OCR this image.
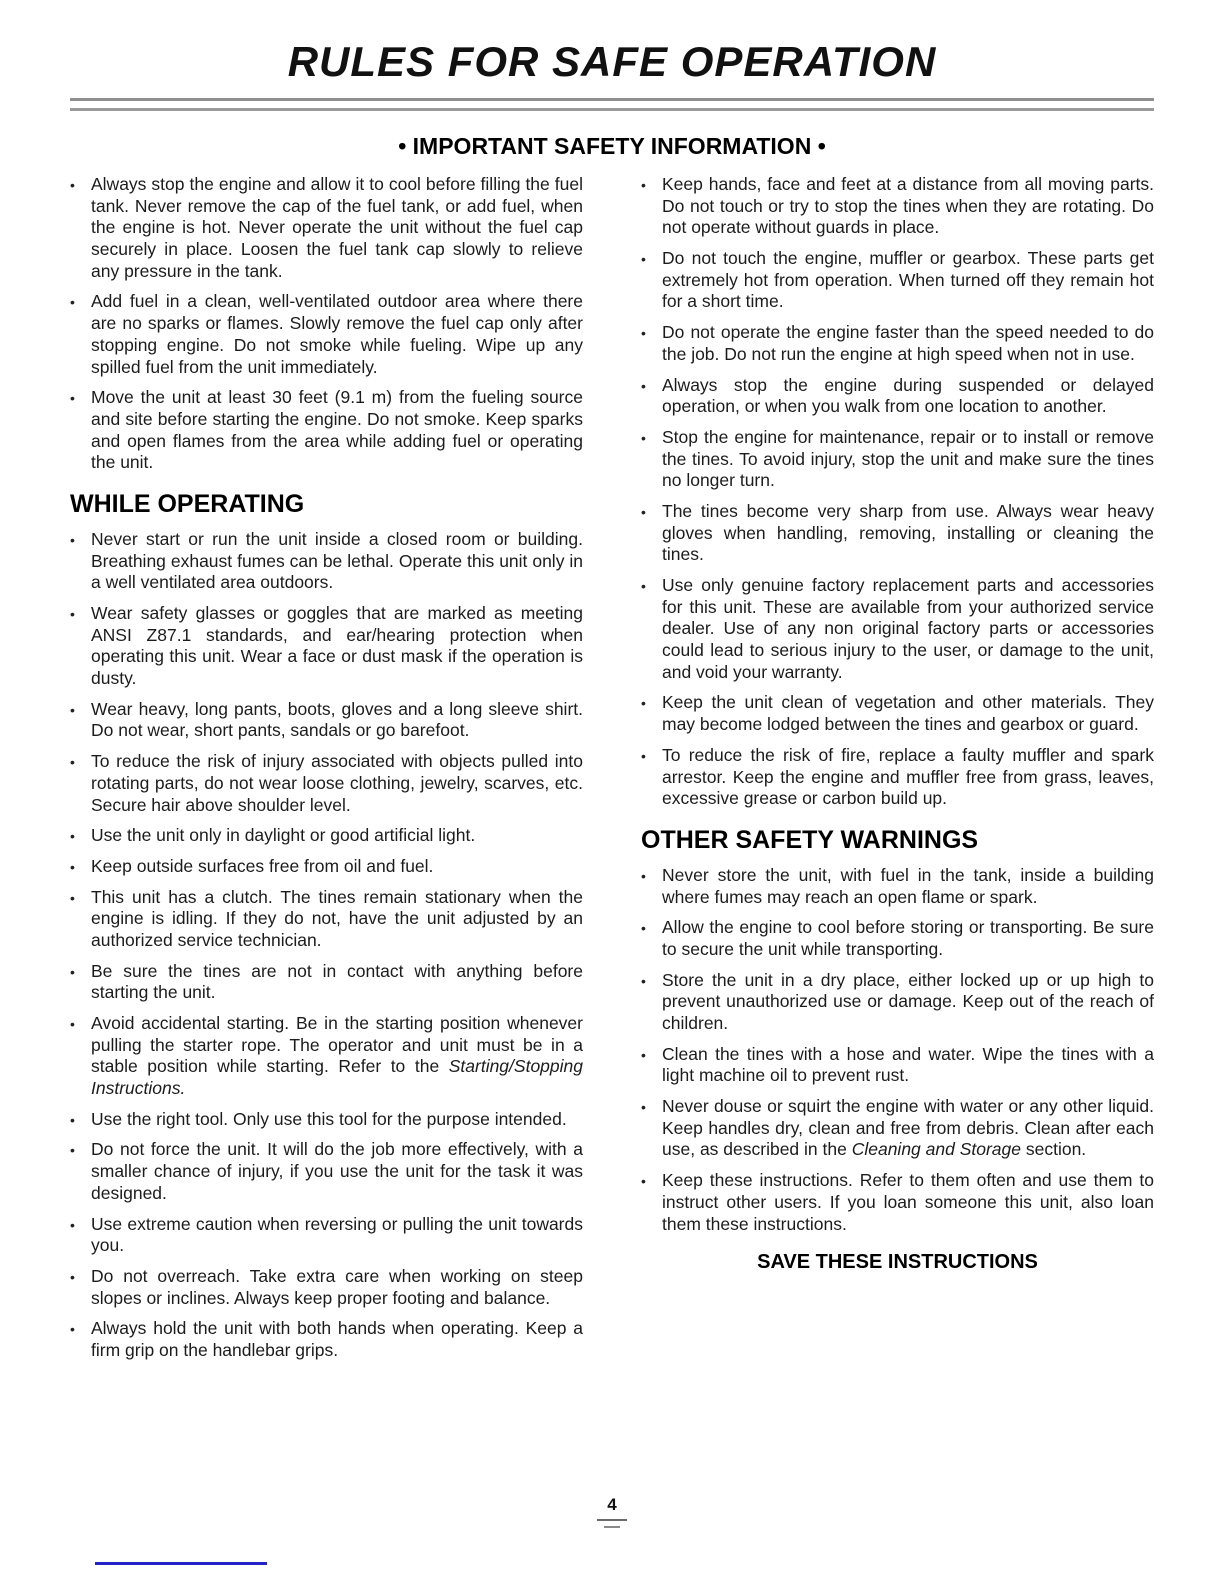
RULES FOR SAFE OPERATION
• IMPORTANT SAFETY INFORMATION •
• Always stop the engine and allow it to cool before filling the fuel tank. Never remove the cap of the fuel tank, or add fuel, when the engine is hot. Never operate the unit without the fuel cap securely in place. Loosen the fuel tank cap slowly to relieve any pressure in the tank.
• Add fuel in a clean, well-ventilated outdoor area where there are no sparks or flames. Slowly remove the fuel cap only after stopping engine. Do not smoke while fueling. Wipe up any spilled fuel from the unit immediately.
• Move the unit at least 30 feet (9.1 m) from the fueling source and site before starting the engine. Do not smoke. Keep sparks and open flames from the area while adding fuel or operating the unit.
WHILE OPERATING
• Never start or run the unit inside a closed room or building. Breathing exhaust fumes can be lethal. Operate this unit only in a well ventilated area outdoors.
• Wear safety glasses or goggles that are marked as meeting ANSI Z87.1 standards, and ear/hearing protection when operating this unit. Wear a face or dust mask if the operation is dusty.
• Wear heavy, long pants, boots, gloves and a long sleeve shirt. Do not wear, short pants, sandals or go barefoot.
• To reduce the risk of injury associated with objects pulled into rotating parts, do not wear loose clothing, jewelry, scarves, etc. Secure hair above shoulder level.
• Use the unit only in daylight or good artificial light.
• Keep outside surfaces free from oil and fuel.
• This unit has a clutch. The tines remain stationary when the engine is idling. If they do not, have the unit adjusted by an authorized service technician.
• Be sure the tines are not in contact with anything before starting the unit.
• Avoid accidental starting. Be in the starting position whenever pulling the starter rope. The operator and unit must be in a stable position while starting. Refer to the Starting/Stopping Instructions.
• Use the right tool. Only use this tool for the purpose intended.
• Do not force the unit. It will do the job more effectively, with a smaller chance of injury, if you use the unit for the task it was designed.
• Use extreme caution when reversing or pulling the unit towards you.
• Do not overreach. Take extra care when working on steep slopes or inclines. Always keep proper footing and balance.
• Always hold the unit with both hands when operating. Keep a firm grip on the handlebar grips.
• Keep hands, face and feet at a distance from all moving parts. Do not touch or try to stop the tines when they are rotating. Do not operate without guards in place.
• Do not touch the engine, muffler or gearbox. These parts get extremely hot from operation. When turned off they remain hot for a short time.
• Do not operate the engine faster than the speed needed to do the job. Do not run the engine at high speed when not in use.
• Always stop the engine during suspended or delayed operation, or when you walk from one location to another.
• Stop the engine for maintenance, repair or to install or remove the tines. To avoid injury, stop the unit and make sure the tines no longer turn.
• The tines become very sharp from use. Always wear heavy gloves when handling, removing, installing or cleaning the tines.
• Use only genuine factory replacement parts and accessories for this unit. These are available from your authorized service dealer. Use of any non original factory parts or accessories could lead to serious injury to the user, or damage to the unit, and void your warranty.
• Keep the unit clean of vegetation and other materials. They may become lodged between the tines and gearbox or guard.
• To reduce the risk of fire, replace a faulty muffler and spark arrestor. Keep the engine and muffler free from grass, leaves, excessive grease or carbon build up.
OTHER SAFETY WARNINGS
• Never store the unit, with fuel in the tank, inside a building where fumes may reach an open flame or spark.
• Allow the engine to cool before storing or transporting. Be sure to secure the unit while transporting.
• Store the unit in a dry place, either locked up or up high to prevent unauthorized use or damage. Keep out of the reach of children.
• Clean the tines with a hose and water. Wipe the tines with a light machine oil to prevent rust.
• Never douse or squirt the engine with water or any other liquid. Keep handles dry, clean and free from debris. Clean after each use, as described in the Cleaning and Storage section.
• Keep these instructions. Refer to them often and use them to instruct other users. If you loan someone this unit, also loan them these instructions.

SAVE THESE INSTRUCTIONS

4
